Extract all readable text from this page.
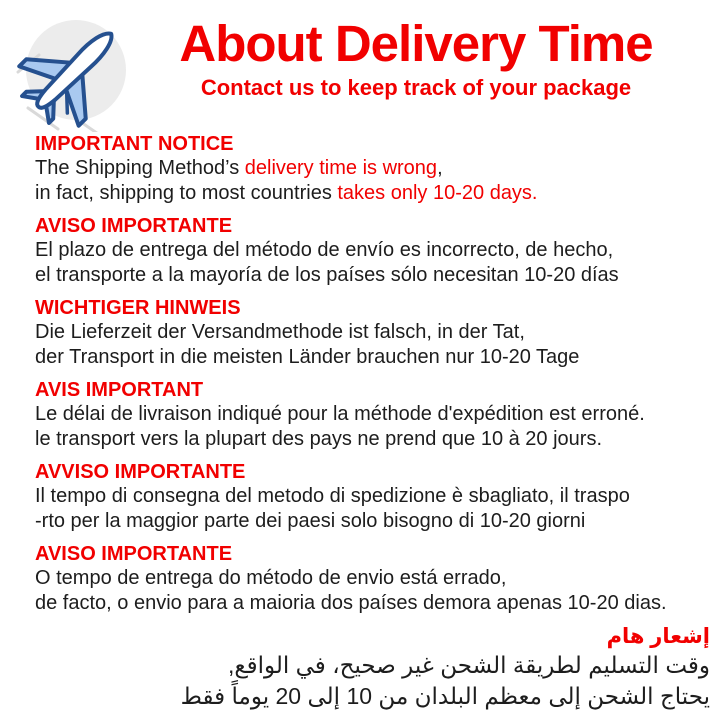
About Delivery Time
Contact us to keep track of your package
IMPORTANT NOTICE
The Shipping Method’s delivery time is wrong,
in fact, shipping to most countries takes only 10-20 days.
AVISO IMPORTANTE
El plazo de entrega del método de envío es incorrecto, de hecho,
el transporte a la mayoría de los países sólo necesitan 10-20 días
WICHTIGER HINWEIS
Die Lieferzeit der Versandmethode ist falsch, in der Tat,
der Transport in die meisten Länder brauchen nur 10-20 Tage
AVIS IMPORTANT
Le délai de livraison indiqué pour la méthode d'expédition est erroné.
le transport vers la plupart des pays ne prend que 10 à 20 jours.
AVVISO IMPORTANTE
Il tempo di consegna del metodo di spedizione è sbagliato, il traspo
-rto per la maggior parte dei paesi solo bisogno di 10-20 giorni
AVISO IMPORTANTE
O tempo de entrega do método de envio está errado,
de facto, o envio para a maioria dos países demora apenas 10-20 dias.
إشعار هام
وقت التسليم لطريقة الشحن غير صحيح، في الواقع,
يحتاج الشحن إلى معظم البلدان من 10 إلى 20 يوماً فقط
